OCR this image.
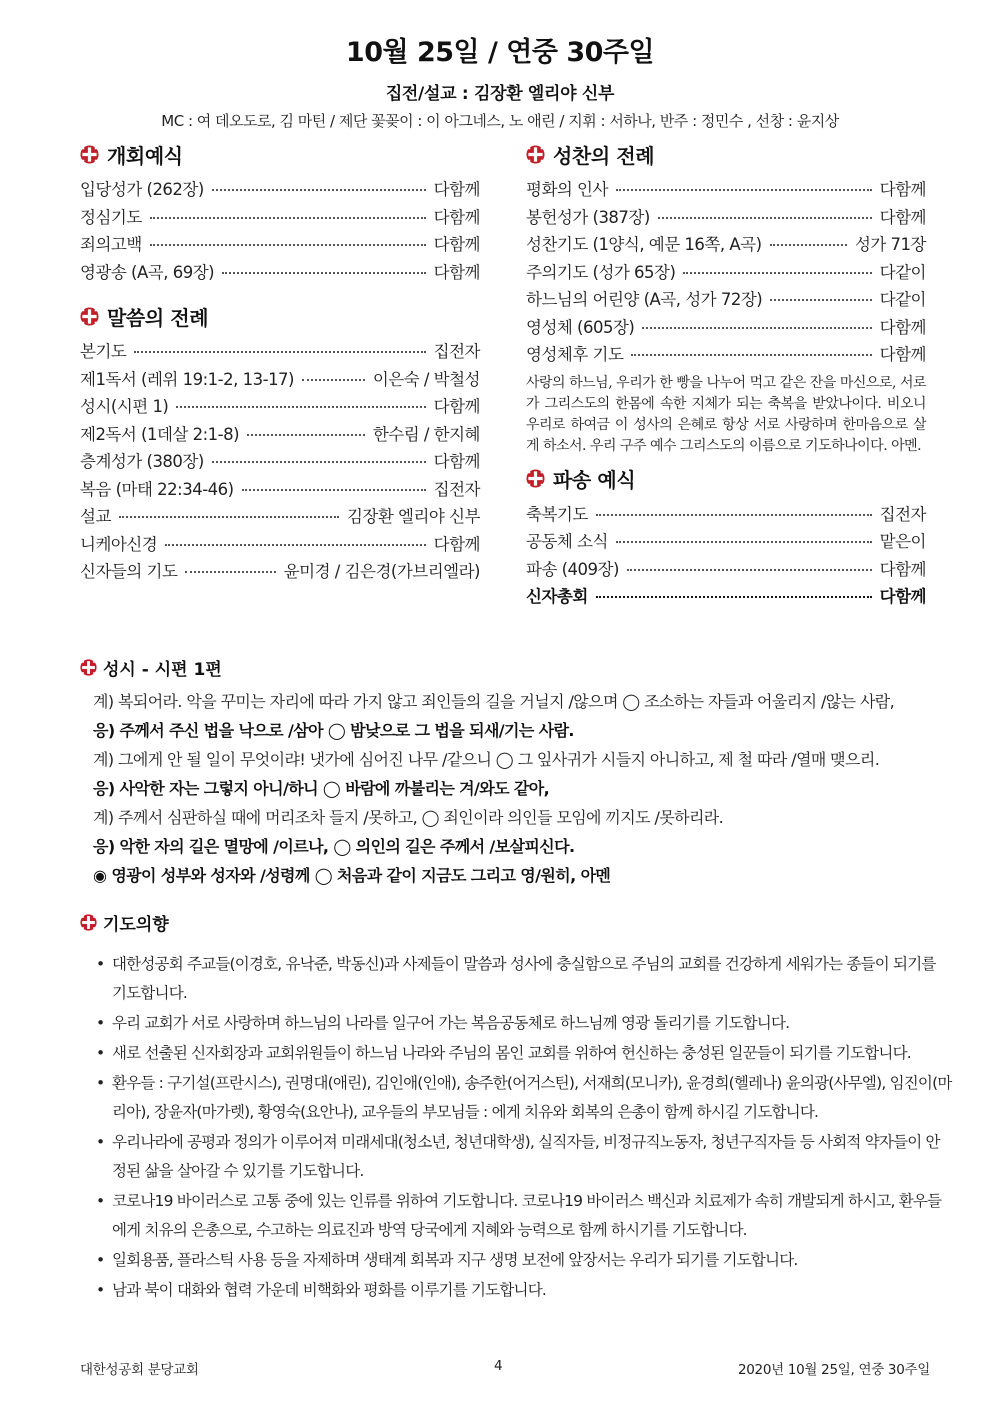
10월 25일 / 연중 30주일
집전/설교 : 김장환 엘리야 신부
MC : 여 데오도로, 김 마틴 / 제단 꽃꽂이 : 이 아그네스, 노 애린 / 지휘 : 서하나, 반주 : 정민수 , 선창 : 윤지상
개회예식
입당성가 (262장)	다함께
정심기도	다함께
죄의고백	다함께
영광송 (A곡, 69장)	다함께
말씀의 전례
본기도	집전자
제1독서 (레위 19:1-2, 13-17)	이은숙 / 박철성
성시(시편 1)	다함께
제2독서 (1데살 2:1-8)	한수림 / 한지혜
층계성가 (380장)	다함께
복음 (마태 22:34-46)	집전자
설교	김장환 엘리야 신부
니케아신경	다함께
신자들의 기도	윤미경 / 김은경(가브리엘라)
성찬의 전례
평화의 인사	다함께
봉헌성가 (387장)	다함께
성찬기도 (1양식, 예문 16쪽, A곡)	성가 71장
주의기도 (성가 65장)	다같이
하느님의 어린양 (A곡, 성가 72장)	다같이
영성체 (605장)	다함께
영성체후 기도	다함께
사랑의 하느님, 우리가 한 빵을 나누어 먹고 같은 잔을 마신으로, 서로가 그리스도의 한몸에 속한 지체가 되는 축복을 받았나이다. 비오니 우리로 하여금 이 성사의 은혜로 항상 서로 사랑하며 한마음으로 살게 하소서. 우리 구주 예수 그리스도의 이름으로 기도하나이다. 아멘.
파송 예식
축복기도	집전자
공동체 소식	맡은이
파송 (409장)	다함께
신자총회	다함께
성시 - 시편 1편
계) 복되어라. 악을 꾸미는 자리에 따라 가지 않고 죄인들의 길을 거닐지 /않으며 ◯ 조소하는 자들과 어울리지 /않는 사람,
응) 주께서 주신 법을 낙으로 /삼아 ◯ 밤낮으로 그 법을 되새/기는 사람.
계) 그에게 안 될 일이 무엇이랴! 냇가에 심어진 나무 /같으니 ◯ 그 잎사귀가 시들지 아니하고, 제 철 따라 /열매 맺으리.
응) 사악한 자는 그렇지 아니/하니 ◯ 바람에 까불리는 겨/와도 같아,
계) 주께서 심판하실 때에 머리조차 들지 /못하고, ◯ 죄인이라 의인들 모임에 끼지도 /못하리라.
응) 악한 자의 길은 멸망에 /이르나, ◯ 의인의 길은 주께서 /보살피신다.
◉ 영광이 성부와 성자와 /성령께 ◯ 처음과 같이 지금도 그리고 영/원히, 아멘
기도의향
• 대한성공회 주교들(이경호, 유낙준, 박동신)과 사제들이 말씀과 성사에 충실함으로 주님의 교회를 건강하게 세워가는 종들이 되기를 기도합니다.
• 우리 교회가 서로 사랑하며 하느님의 나라를 일구어 가는 복음공동체로 하느님께 영광 돌리기를 기도합니다.
• 새로 선출된 신자회장과 교회위원들이 하느님 나라와 주님의 몸인 교회를 위하여 헌신하는 충성된 일꾼들이 되기를 기도합니다.
• 환우들 : 구기설(프란시스), 권명대(애린), 김인애(인애), 송주한(어거스틴), 서재희(모니카), 윤경희(헬레나) 윤의광(사무엘), 임진이(마리아), 장윤자(마가렛), 황영숙(요안나), 교우들의 부모님들 : 에게 치유와 회복의 은총이 함께 하시길 기도합니다.
• 우리나라에 공평과 정의가 이루어져 미래세대(청소년, 청년대학생), 실직자들, 비정규직노동자, 청년구직자들 등 사회적 약자들이 안정된 삶을 살아갈 수 있기를 기도합니다.
• 코로나19 바이러스로 고통 중에 있는 인류를 위하여 기도합니다. 코로나19 바이러스 백신과 치료제가 속히 개발되게 하시고, 환우들에게 치유의 은총으로, 수고하는 의료진과 방역 당국에게 지혜와 능력으로 함께 하시기를 기도합니다.
• 일회용품, 플라스틱 사용 등을 자제하며 생태계 회복과 지구 생명 보전에 앞장서는 우리가 되기를 기도합니다.
• 남과 북이 대화와 협력 가운데 비핵화와 평화를 이루기를 기도합니다.
대한성공회 분당교회	4	2020년 10월 25일, 연중 30주일
